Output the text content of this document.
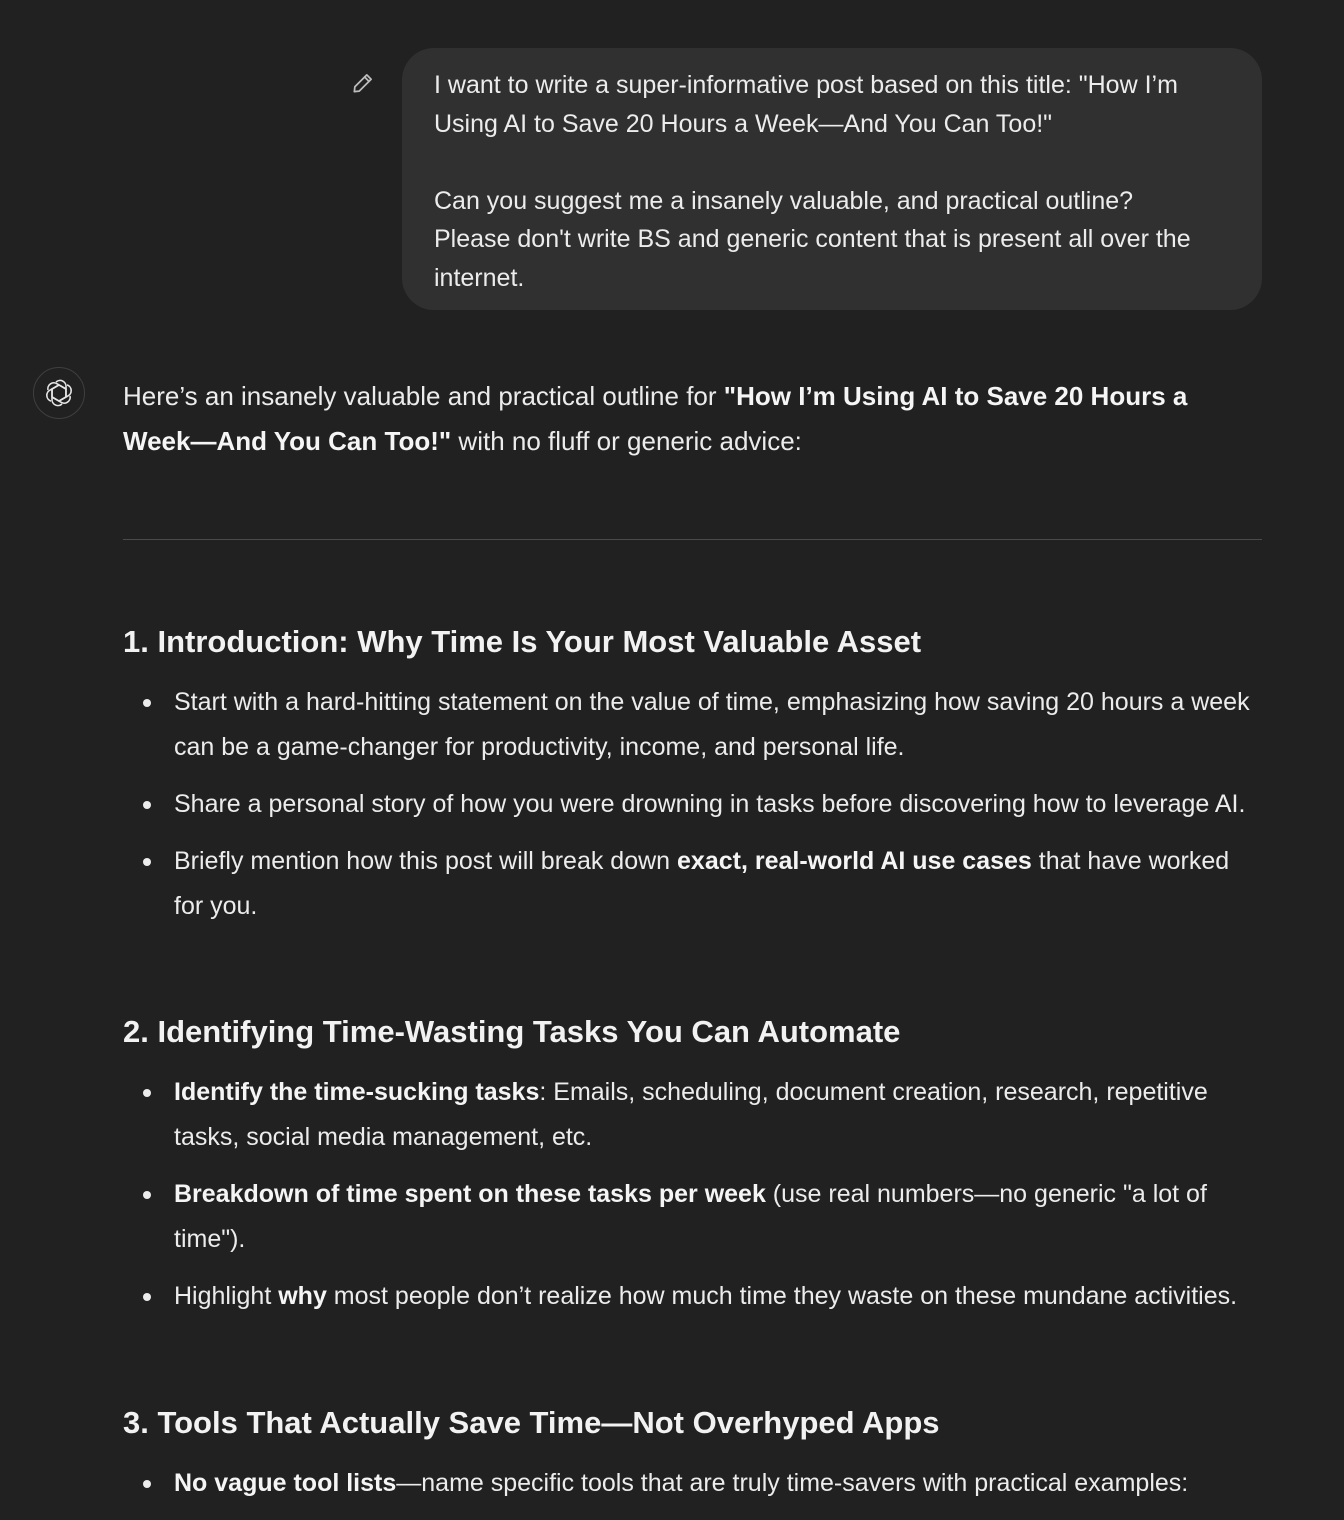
I want to write a super-informative post based on this title: "How I’m
Using AI to Save 20 Hours a Week—And You Can Too!"

Can you suggest me a insanely valuable, and practical outline?
Please don't write BS and generic content that is present all over the
internet.

Here’s an insanely valuable and practical outline for "How I’m Using AI to Save 20 Hours a Week—And You Can Too!" with no fluff or generic advice:

1. Introduction: Why Time Is Your Most Valuable Asset
Start with a hard-hitting statement on the value of time, emphasizing how saving 20 hours a week can be a game-changer for productivity, income, and personal life.
Share a personal story of how you were drowning in tasks before discovering how to leverage AI.
Briefly mention how this post will break down exact, real-world AI use cases that have worked for you.
2. Identifying Time-Wasting Tasks You Can Automate
Identify the time-sucking tasks: Emails, scheduling, document creation, research, repetitive tasks, social media management, etc.
Breakdown of time spent on these tasks per week (use real numbers—no generic "a lot of time").
Highlight why most people don’t realize how much time they waste on these mundane activities.
3. Tools That Actually Save Time—Not Overhyped Apps
No vague tool lists—name specific tools that are truly time-savers with practical examples:
